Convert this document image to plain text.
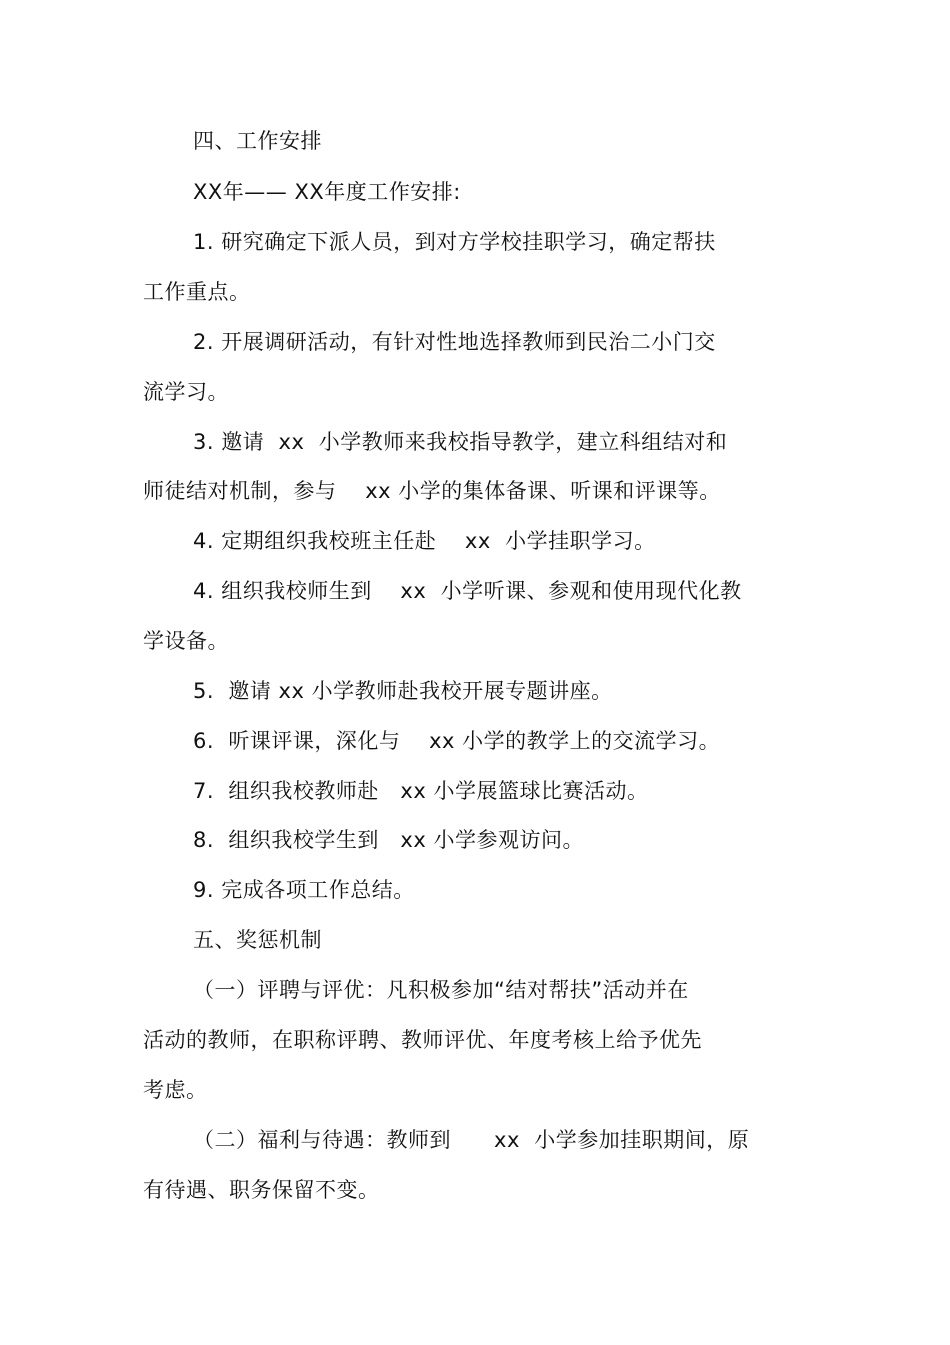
四、工作安排
XX年—— XX年度工作安排:
1. 研究确定下派人员，到对方学校挂职学习，确定帮扶
工作重点。
2. 开展调研活动，有针对性地选择教师到民治二小门交
流学习。
3. 邀请  xx  小学教师来我校指导教学，建立科组结对和
师徒结对机制，参与    xx 小学的集体备课、听课和评课等。
4. 定期组织我校班主任赴    xx  小学挂职学习。
4. 组织我校师生到    xx  小学听课、参观和使用现代化教
学设备。
5.  邀请 xx 小学教师赴我校开展专题讲座。
6.  听课评课，深化与    xx 小学的教学上的交流学习。
7.  组织我校教师赴   xx 小学展篮球比赛活动。
8.  组织我校学生到   xx 小学参观访问。
9. 完成各项工作总结。
五、奖惩机制
（一）评聘与评优：凡积极参加“结对帮扶”活动并在
活动的教师，在职称评聘、教师评优、年度考核上给予优先
考虑。
（二）福利与待遇：教师到      xx  小学参加挂职期间，原
有待遇、职务保留不变。
